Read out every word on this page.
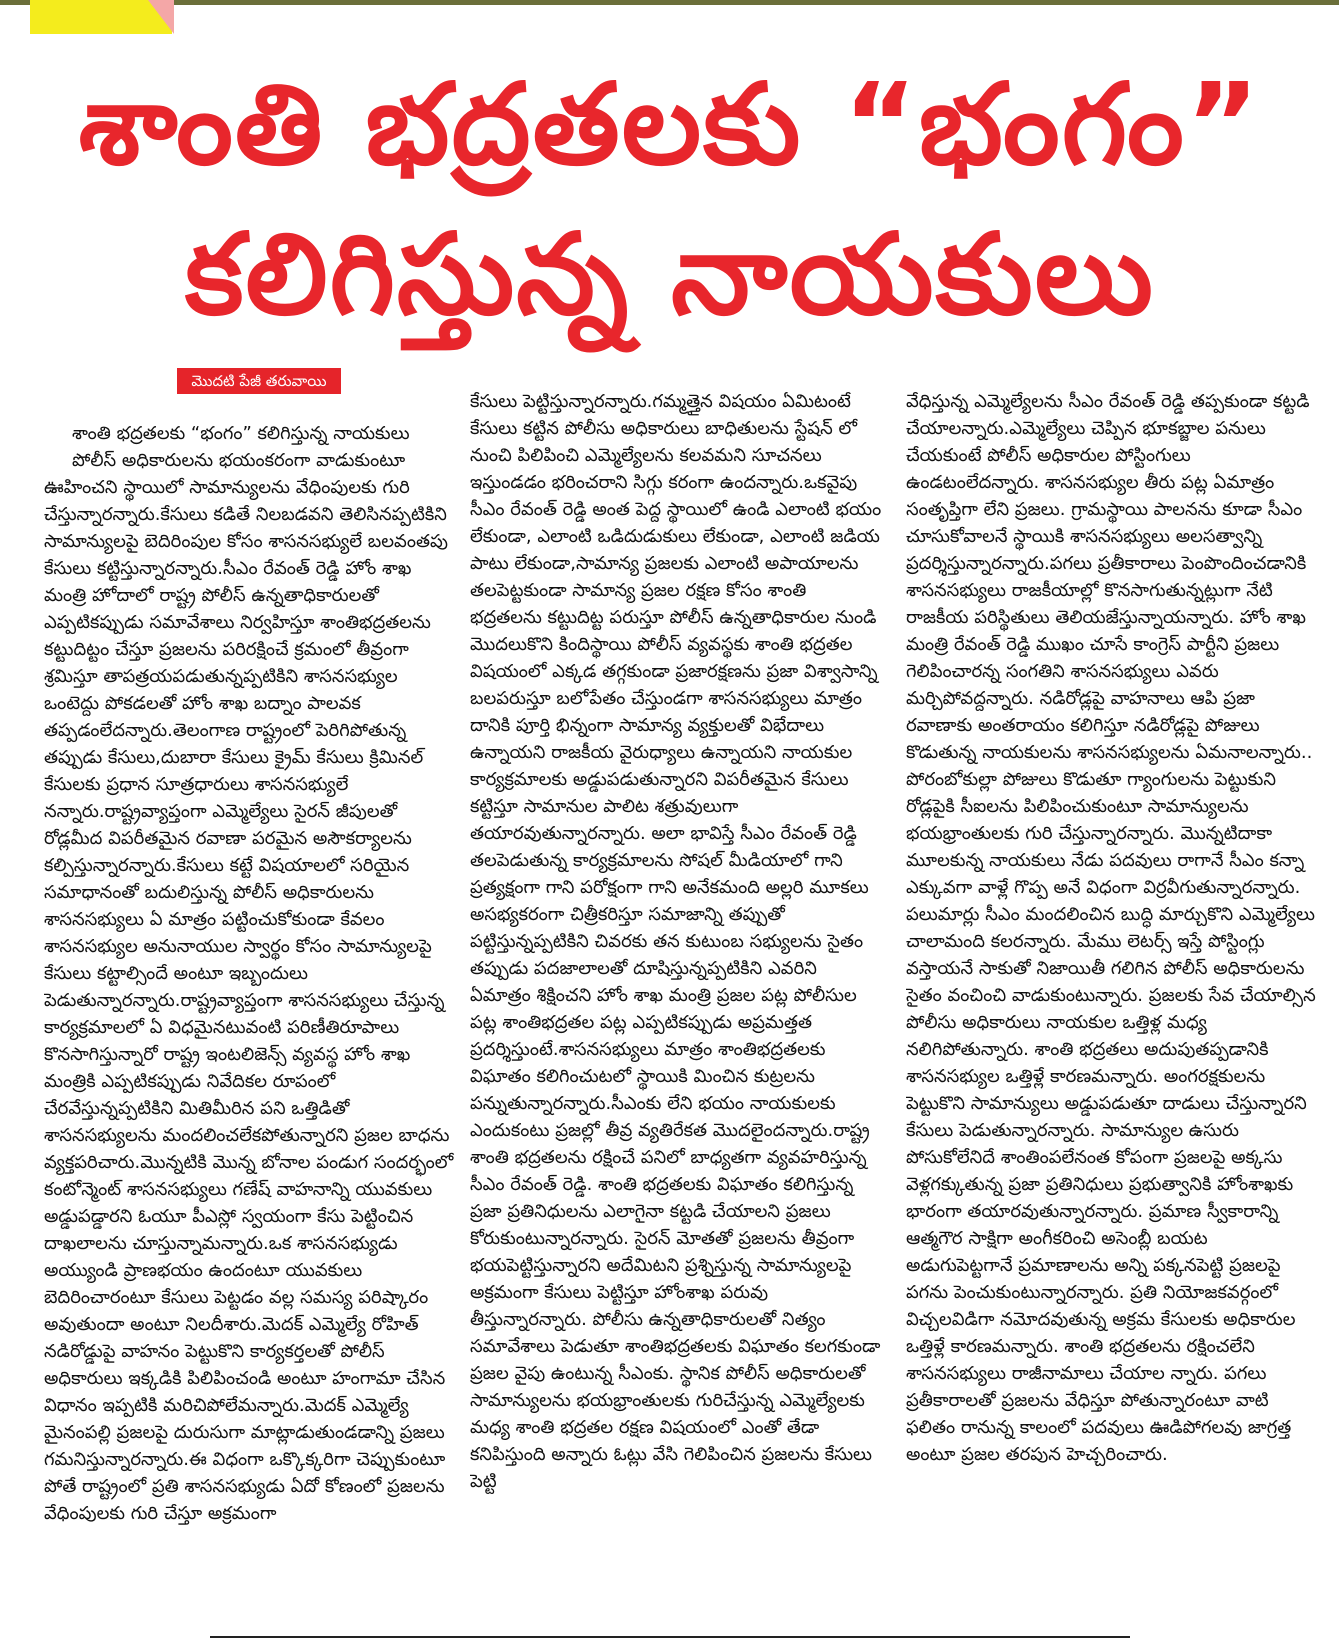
శాంతి భద్రతలకు “భంగం”
కలిగిస్తున్న నాయకులు
మొదటి పేజీ తరువాయి

శాంతి భద్రతలకు “భంగం” కలిగిస్తున్న నాయకులు

పోలీస్ అధికారులను భయంకరంగా వాడుకుంటూ ఊహించని స్థాయిలో సామాన్యులను వేధింపులకు గురి చేస్తున్నారన్నారు.కేసులు కడితే నిలబడవని తెలిసినప్పటికిని సామాన్యులపై బెదిరింపుల కోసం శాసనసభ్యులే బలవంతపు కేసులు కట్టిస్తున్నారన్నారు.సీఎం రేవంత్ రెడ్డి హోం శాఖ మంత్రి హోదాలో రాష్ట్ర పోలీస్ ఉన్నతాధికారులతో ఎప్పటికప్పుడు సమావేశాలు నిర్వహిస్తూ శాంతిభద్రతలను కట్టుదిట్టం చేస్తూ ప్రజలను పరిరక్షించే క్రమంలో తీవ్రంగా శ్రమిస్తూ తాపత్రయపడుతున్నప్పటికిని శాసనసభ్యుల ఒంటెద్దు పోకడలతో హోం శాఖ బద్నాం పాలవక తప్పడంలేదన్నారు.తెలంగాణ రాష్ట్రంలో పెరిగిపోతున్న తప్పుడు కేసులు,దుబారా కేసులు క్రైమ్ కేసులు క్రిమినల్ కేసులకు ప్రధాన సూత్రధారులు శాసనసభ్యులే నన్నారు.రాష్ట్రవ్యాప్తంగా ఎమ్మెల్యేలు సైరన్ జీపులతో రోడ్లమీద విపరీతమైన రవాణా పరమైన అసౌకర్యాలను కల్పిస్తున్నారన్నారు.కేసులు కట్టే విషయాలలో సరియైన సమాధానంతో బదులిస్తున్న పోలీస్ అధికారులను శాసనసభ్యులు ఏ మాత్రం పట్టించుకోకుండా కేవలం శాసనసభ్యుల అనునాయుల స్వార్థం కోసం సామాన్యులపై కేసులు కట్టాల్సిందే అంటూ ఇబ్బందులు పెడుతున్నారన్నారు.రాష్ట్రవ్యాప్తంగా శాసనసభ్యులు చేస్తున్న కార్యక్రమాలలో ఏ విధమైనటువంటి పరిణీతిరూపాలు కొనసాగిస్తున్నారో రాష్ట్ర ఇంటలిజెన్స్ వ్యవస్థ హోం శాఖ మంత్రికి ఎప్పటికప్పుడు నివేదికల రూపంలో చేరవేస్తున్నప్పటికిని మితిమీరిన పని ఒత్తిడితో శాసనసభ్యులను మందలించలేకపోతున్నారని ప్రజల బాధను వ్యక్తపరిచారు.మొన్నటికి మొన్న బోనాల పండుగ సందర్భంలో కంటోన్మెంట్ శాసనసభ్యులు గణేష్ వాహనాన్ని యువకులు అడ్డుపడ్డారని ఓయూ పీఎస్లో స్వయంగా కేసు పెట్టించిన దాఖలాలను చూస్తున్నామన్నారు.ఒక శాసనసభ్యుడు అయ్యుండి ప్రాణభయం ఉందంటూ యువకులు బెదిరించారంటూ కేసులు పెట్టడం వల్ల సమస్య పరిష్కారం అవుతుందా అంటూ నిలదీశారు.మెదక్ ఎమ్మెల్యే రోహిత్ నడిరోడ్డుపై వాహనం పెట్టుకొని కార్యకర్తలతో పోలీస్ అధికారులు ఇక్కడికి పిలిపించండి అంటూ హంగామా చేసిన విధానం ఇప్పటికి మరిచిపోలేమన్నారు.మెదక్ ఎమ్మెల్యే మైనంపల్లి ప్రజలపై దురుసుగా మాట్లాడుతుండడాన్ని ప్రజలు గమనిస్తున్నారన్నారు.ఈ విధంగా ఒక్కొక్కరిగా చెప్పుకుంటూ పోతే రాష్ట్రంలో ప్రతి శాసనసభ్యుడు ఏదో కోణంలో ప్రజలను వేధింపులకు గురి చేస్తూ అక్రమంగా

కేసులు పెట్టిస్తున్నారన్నారు.గమ్మత్తైన విషయం ఏమిటంటే కేసులు కట్టిన పోలీసు అధికారులు బాధితులను స్టేషన్ లో నుంచి పిలిపించి ఎమ్మెల్యేలను కలవమని సూచనలు ఇస్తుండడం భరించరాని సిగ్గు కరంగా ఉందన్నారు.ఒకవైపు సీఎం రేవంత్ రెడ్డి అంత పెద్ద స్థాయిలో ఉండి ఎలాంటి భయం లేకుండా, ఎలాంటి ఒడిదుడుకులు లేకుండా, ఎలాంటి జడియ పాటు లేకుండా,సామాన్య ప్రజలకు ఎలాంటి అపాయాలను తలపెట్టకుండా సామాన్య ప్రజల రక్షణ కోసం శాంతి భద్రతలను కట్టుదిట్ట పరుస్తూ పోలీస్ ఉన్నతాధికారుల నుండి మొదలుకొని కిందిస్థాయి పోలీస్ వ్యవస్థకు శాంతి భద్రతల విషయంలో ఎక్కడ తగ్గకుండా ప్రజారక్షణను ప్రజా విశ్వాసాన్ని బలపరుస్తూ బలోపేతం చేస్తుండగా శాసనసభ్యులు మాత్రం దానికి పూర్తి భిన్నంగా సామాన్య వ్యక్తులతో విభేదాలు ఉన్నాయని రాజకీయ వైరుధ్యాలు ఉన్నాయని నాయకుల కార్యక్రమాలకు అడ్డుపడుతున్నారని విపరీతమైన కేసులు కట్టిస్తూ సామానుల పాలిట శత్రువులుగా తయారవుతున్నారన్నారు. అలా భావిస్తే సీఎం రేవంత్ రెడ్డి తలపెడుతున్న కార్యక్రమాలను సోషల్ మీడియాలో గాని ప్రత్యక్షంగా గాని పరోక్షంగా గాని అనేకమంది అల్లరి మూకలు అసభ్యకరంగా చిత్రీకరిస్తూ సమాజాన్ని తప్పుతో పట్టిస్తున్నప్పటికిని చివరకు తన కుటుంబ సభ్యులను సైతం తప్పుడు పదజాలాలతో దూషిస్తున్నప్పటికిని ఎవరిని ఏమాత్రం శిక్షించని హోం శాఖ మంత్రి ప్రజల పట్ల పోలీసుల పట్ల శాంతిభద్రతల పట్ల ఎప్పటికప్పుడు అప్రమత్తత ప్రదర్శిస్తుంటే.శాసనసభ్యులు మాత్రం శాంతిభద్రతలకు విఘాతం కలిగించుటలో స్థాయికి మించిన కుట్రలను పన్నుతున్నారన్నారు.సీఎంకు లేని భయం నాయకులకు ఎందుకంటు ప్రజల్లో తీవ్ర వ్యతిరేకత మొదలైందన్నారు.రాష్ట్ర శాంతి భద్రతలను రక్షించే పనిలో బాధ్యతగా వ్యవహరిస్తున్న సీఎం రేవంత్ రెడ్డి. శాంతి భద్రతలకు విఘాతం కలిగిస్తున్న ప్రజా ప్రతినిధులను ఎలాగైనా కట్టడి చేయాలని ప్రజలు కోరుకుంటున్నారన్నారు. సైరన్ మోతతో ప్రజలను తీవ్రంగా భయపెట్టిస్తున్నారని అదేమిటని ప్రశ్నిస్తున్న సామాన్యులపై అక్రమంగా కేసులు పెట్టిస్తూ హోంశాఖ పరువు తీస్తున్నారన్నారు. పోలీసు ఉన్నతాధికారులతో నిత్యం సమావేశాలు పెడుతూ శాంతిభద్రతలకు విఘాతం కలగకుండా ప్రజల వైపు ఉంటున్న సీఎంకు. స్థానిక పోలీస్ అధికారులతో సామాన్యులను భయభ్రాంతులకు గురిచేస్తున్న ఎమ్మెల్యేలకు మధ్య శాంతి భద్రతల రక్షణ విషయంలో ఎంతో తేడా కనిపిస్తుంది అన్నారు ఓట్లు వేసి గెలిపించిన ప్రజలను కేసులు పెట్టి

వేధిస్తున్న ఎమ్మెల్యేలను సీఎం రేవంత్ రెడ్డి తప్పకుండా కట్టడి చేయాలన్నారు.ఎమ్మెల్యేలు చెప్పిన భూకబ్జాల పనులు చేయకుంటే పోలీస్ అధికారుల పోస్టింగులు ఉండటంలేదన్నారు. శాసనసభ్యుల తీరు పట్ల ఏమాత్రం సంతృప్తిగా లేని ప్రజలు. గ్రామస్థాయి పాలనను కూడా సీఎం చూసుకోవాలనే స్థాయికి శాసనసభ్యులు అలసత్వాన్ని ప్రదర్శిస్తున్నారన్నారు.పగలు ప్రతీకారాలు పెంపొందించడానికి శాసనసభ్యులు రాజకీయాల్లో కొనసాగుతున్నట్లుగా నేటి రాజకీయ పరిస్థితులు తెలియజేస్తున్నాయన్నారు. హోం శాఖ మంత్రి రేవంత్ రెడ్డి ముఖం చూసే కాంగ్రెస్ పార్టీని ప్రజలు గెలిపించారన్న సంగతిని శాసనసభ్యులు ఎవరు మర్చిపోవద్దన్నారు. నడిరోడ్లపై వాహనాలు ఆపి ప్రజా రవాణాకు అంతరాయం కలిగిస్తూ నడిరోడ్లపై పోజులు కొడుతున్న నాయకులను శాసనసభ్యులను ఏమనాలన్నారు.. పోరంబోకుల్లా పోజులు కొడుతూ గ్యాంగులను పెట్టుకుని రోడ్లపైకి సీఐలను పిలిపించుకుంటూ సామాన్యులను భయభ్రాంతులకు గురి చేస్తున్నారన్నారు. మొన్నటిదాకా మూలకున్న నాయకులు నేడు పదవులు రాగానే సీఎం కన్నా ఎక్కువగా వాళ్లే గొప్ప అనే విధంగా విర్రవీగుతున్నారన్నారు. పలుమార్లు సీఎం మందలించిన బుద్ధి మార్చుకొని ఎమ్మెల్యేలు చాలామంది కలరన్నారు. మేము లెటర్స్ ఇస్తే పోస్టింగ్లు వస్తాయనే సాకుతో నిజాయితీ గలిగిన పోలీస్ అధికారులను సైతం వంచించి వాడుకుంటున్నారు. ప్రజలకు సేవ చేయాల్సిన పోలీసు అధికారులు నాయకుల ఒత్తిళ్ల మధ్య నలిగిపోతున్నారు. శాంతి భద్రతలు అదుపుతప్పడానికి శాసనసభ్యుల ఒత్తిళ్లే కారణమన్నారు. అంగరక్షకులను పెట్టుకొని సామాన్యులు అడ్డుపడుతూ దాడులు చేస్తున్నారని కేసులు పెడుతున్నారన్నారు. సామాన్యుల ఉసురు పోసుకోలేనిదే శాంతింపలేనంత కోపంగా ప్రజలపై అక్కసు వెళ్లగక్కుతున్న ప్రజా ప్రతినిధులు ప్రభుత్వానికి హోంశాఖకు భారంగా తయారవుతున్నారన్నారు. ప్రమాణ స్వీకారాన్ని ఆత్మగౌర సాక్షిగా అంగీకరించి అసెంబ్లీ బయట అడుగుపెట్టగానే ప్రమాణాలను అన్ని పక్కనపెట్టి ప్రజలపై పగను పెంచుకుంటున్నారన్నారు. ప్రతి నియోజకవర్గంలో విచ్చలవిడిగా నమోదవుతున్న అక్రమ కేసులకు అధికారుల ఒత్తిళ్లే కారణమన్నారు. శాంతి భద్రతలను రక్షించలేని శాసనసభ్యులు రాజీనామాలు చేయాల న్నారు. పగలు ప్రతీకారాలతో ప్రజలను వేధిస్తూ పోతున్నారంటూ వాటి ఫలితం రానున్న కాలంలో పదవులు ఊడిపోగలవు జాగ్రత్త అంటూ ప్రజల తరపున హెచ్చరించారు.
